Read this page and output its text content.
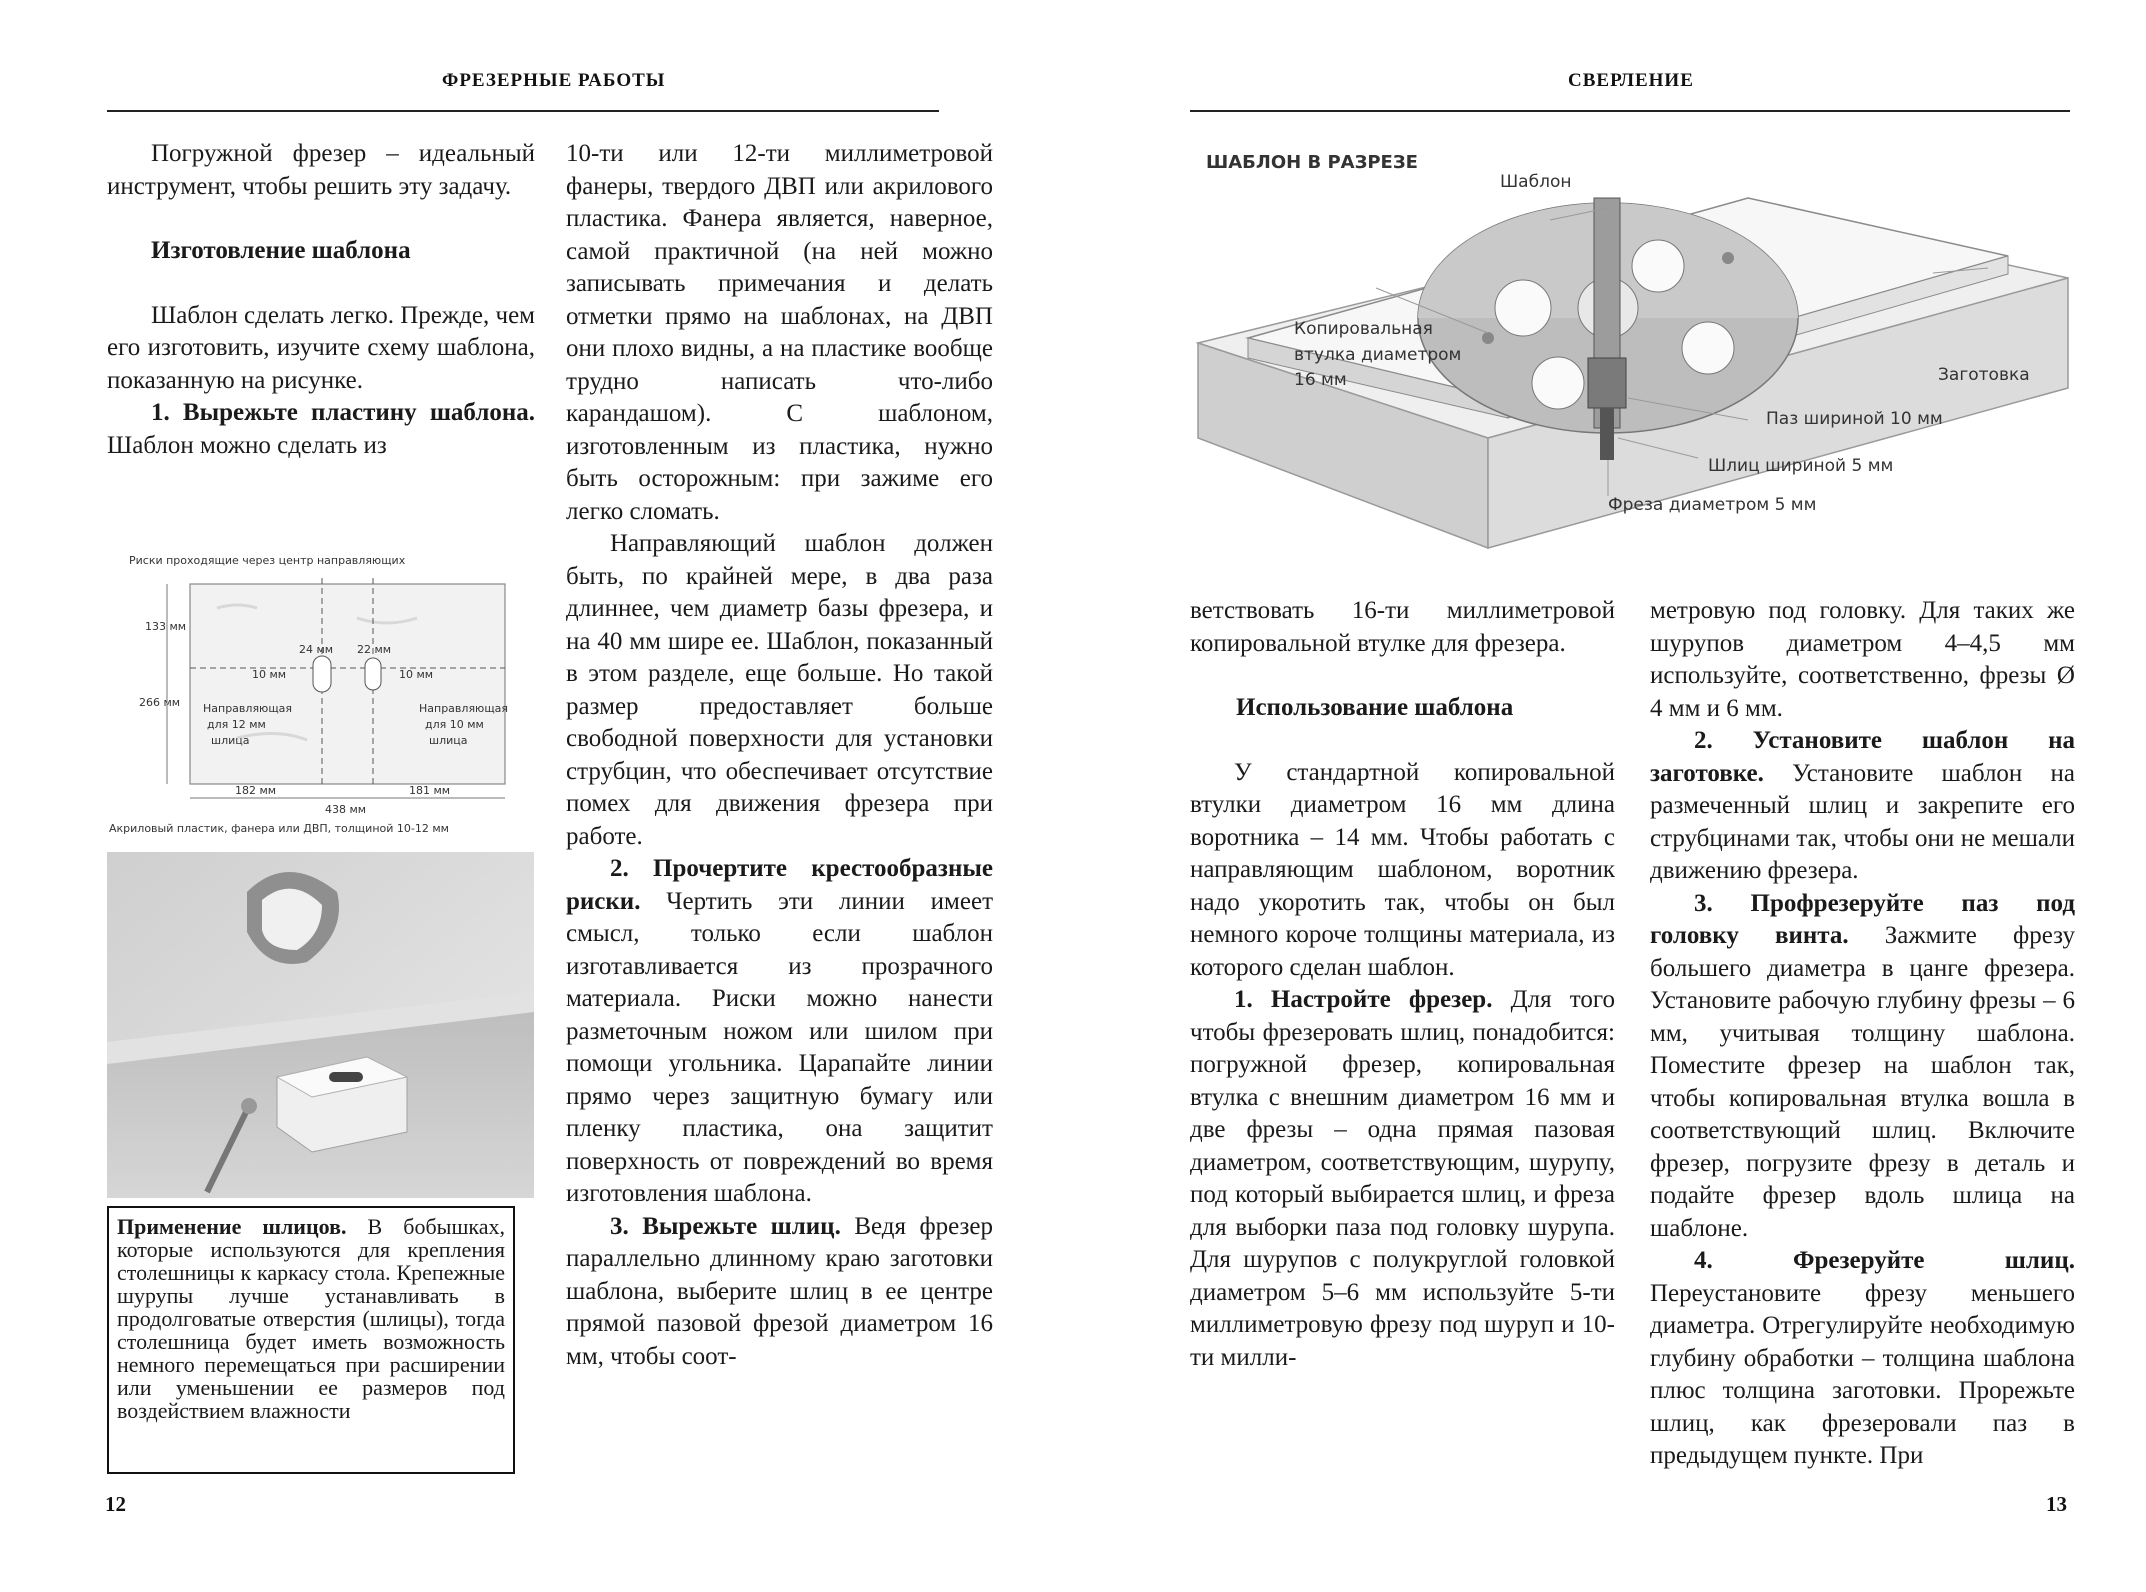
ФРЕЗЕРНЫЕ РАБОТЫ

Погружной фрезер – идеальный инструмент, чтобы решить эту задачу.

Изготовление шаблона

Шаблон сделать легко. Прежде, чем его изготовить, изучите схему шаблона, показанную на рисунке.

1. Вырежьте пластину шаблона. Шаблон можно сделать из

Риски проходящие через центр направляющих
133 мм
266 мм
24 мм 22 мм
10 мм	10 мм
Направляющая
для 12 мм
шлица
Направляющая
для 10 мм
шлица
182 мм	181 мм
438 мм
Акриловый пластик, фанера или ДВП, толщиной 10-12 мм
Применение шлицов. В бобышках, которые используются для крепления столешницы к каркасу стола. Крепежные шурупы лучше устанавливать в продолговатые отверстия (шлицы), тогда столешница будет иметь возможность немного перемещаться при расширении или уменьшении ее размеров под воздействием влажности

10-ти или 12-ти миллиметровой фанеры, твердого ДВП или акрилового пластика. Фанера является, наверное, самой практичной (на ней можно записывать примечания и делать отметки прямо на шаблонах, на ДВП они плохо видны, а на пластике вообще трудно написать что-либо карандашом). С шаблоном, изготовленным из пластика, нужно быть осторожным: при зажиме его легко сломать.

Направляющий шаблон должен быть, по крайней мере, в два раза длиннее, чем диаметр базы фрезера, и на 40 мм шире ее. Шаблон, показанный в этом разделе, еще больше. Но такой размер предоставляет больше свободной поверхности для установки струбцин, что обеспечивает отсутствие помех для движения фрезера при работе.

2. Прочертите крестообразные риски. Чертить эти линии имеет смысл, только если шаблон изготавливается из прозрачного материала. Риски можно нанести разметочным ножом или шилом при помощи угольника. Царапайте линии прямо через защитную бумагу или пленку пластика, она защитит поверхность от повреждений во время изготовления шаблона.

3. Вырежьте шлиц. Ведя фрезер параллельно длинному краю заготовки шаблона, выберите шлиц в ее центре прямой пазовой фрезой диаметром 16 мм, чтобы соот-

12
СВЕРЛЕНИЕ
ШАБЛОН В РАЗРЕЗЕ
Шаблон
Копировальная
втулка диаметром
16 мм	Заготовка
Паз шириной 10 мм
Шлиц шириной 5 мм
Фреза диаметром 5 мм

ветствовать 16-ти миллиметровой копировальной втулке для фрезера.

Использование шаблона

У стандартной копировальной втулки диаметром 16 мм длина воротника – 14 мм. Чтобы работать с направляющим шаблоном, воротник надо укоротить так, чтобы он был немного короче толщины материала, из которого сделан шаблон.

1. Настройте фрезер. Для того чтобы фрезеровать шлиц, понадобится: погружной фрезер, копировальная втулка с внешним диаметром 16 мм и две фрезы – одна прямая пазовая диаметром, соответствующим, шурупу, под который выбирается шлиц, и фреза для выборки паза под головку шурупа. Для шурупов с полукруглой головкой диаметром 5–6 мм используйте 5-ти миллиметровую фрезу под шуруп и 10-ти милли-

метровую под головку. Для таких же шурупов диаметром 4–4,5 мм используйте, соответственно, фрезы Ø 4 мм и 6 мм.

2. Установите шаблон на заготовке. Установите шаблон на размеченный шлиц и закрепите его струбцинами так, чтобы они не мешали движению фрезера.

3. Профрезеруйте паз под головку винта. Зажмите фрезу большего диаметра в цанге фрезера. Установите рабочую глубину фрезы – 6 мм, учитывая толщину шаблона. Поместите фрезер на шаблон так, чтобы копировальная втулка вошла в соответствующий шлиц. Включите фрезер, погрузите фрезу в деталь и подайте фрезер вдоль шлица на шаблоне.

4. Фрезеруйте шлиц. Переустановите фрезу меньшего диаметра. Отрегулируйте необходимую глубину обработки – толщина шаблона плюс толщина заготовки. Прорежьте шлиц, как фрезеровали паз в предыдущем пункте. При

13
